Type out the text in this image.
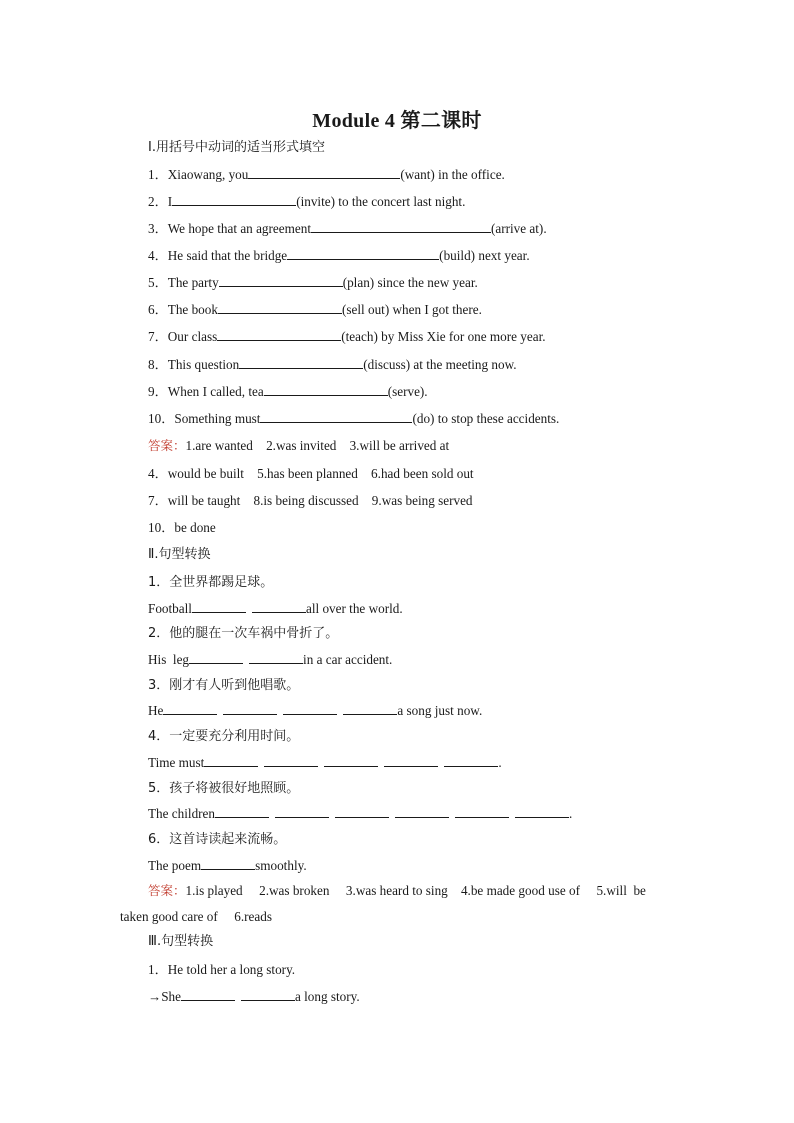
Module 4 第二课时
Ⅰ.用括号中动词的适当形式填空
1．Xiaowang, you	(want) in the office.
2．I	(invite) to the concert last night.
3．We hope that an agreement	(arrive at).
4．He said that the bridge	(build) next year.
5．The party	(plan) since the new year.
6．The book	(sell out) when I got there.
7．Our class	(teach) by Miss Xie for one more year.
8．This question	(discuss) at the meeting now.
9．When I called, tea	(serve).
10．Something must	(do) to stop these accidents.
答案：1.are wanted    2.was invited    3.will be arrived at
4．would be built    5.has been planned    6.had been sold out
7．will be taught    8.is being discussed    9.was being served
10．be done
Ⅱ.句型转换
1．全世界都踢足球。
Football	all over the world.
2．他的腿在一次车祸中骨折了。
His  leg	in a car accident.
3．刚才有人听到他唱歌。
He	a song just now.
4．一定要充分利用时间。
Time must	.
5．孩子将被很好地照顾。
The children	.
6．这首诗读起来流畅。
The poem	smoothly.
答案：1.is played     2.was broken     3.was heard to sing    4.be made good use of     5.will  be
taken good care of     6.reads
Ⅲ.句型转换
1．He told her a long story.
→She	a long story.
